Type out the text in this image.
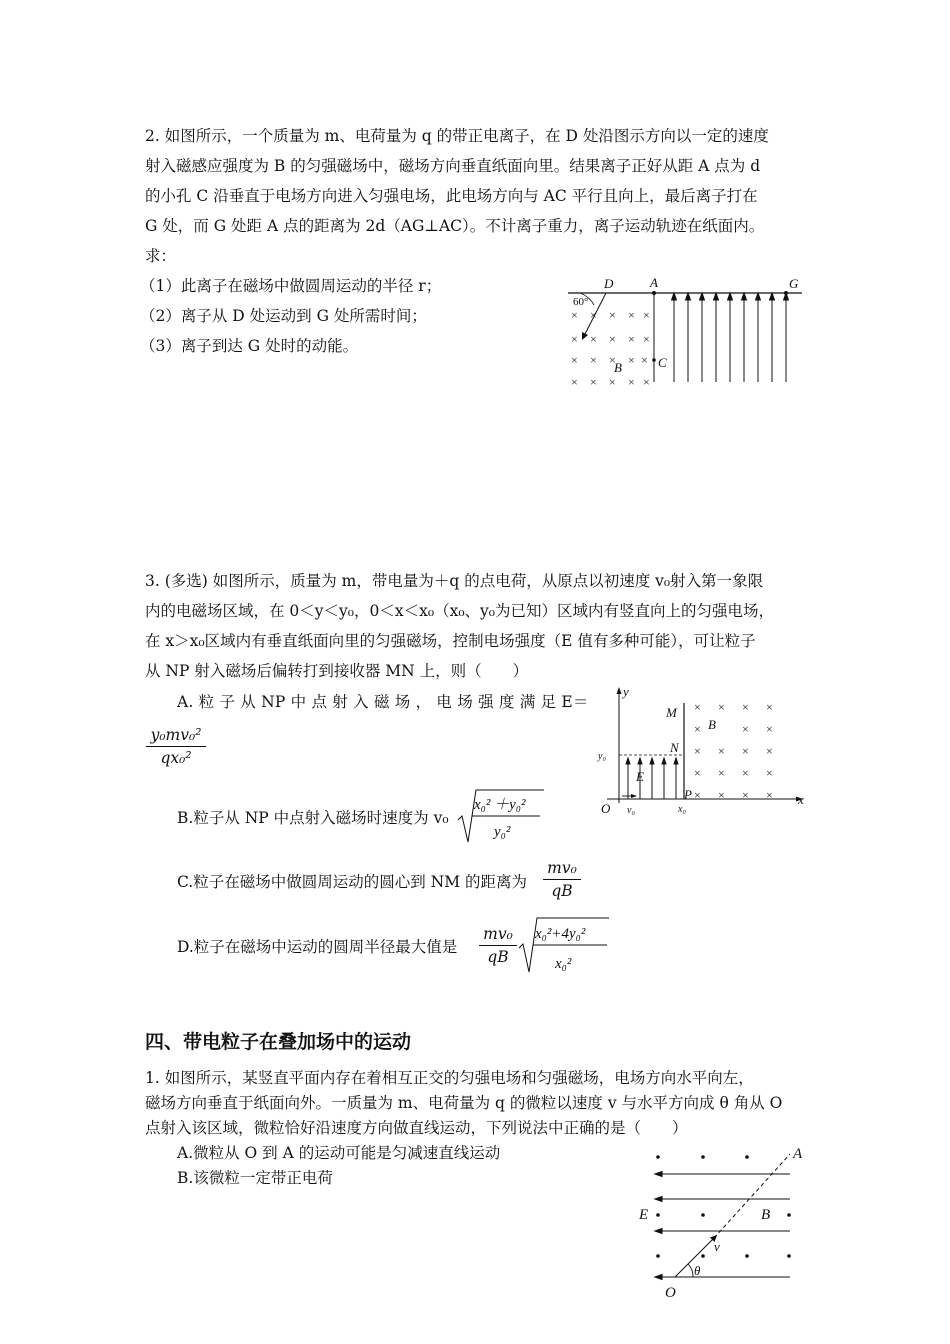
2. 如图所示，一个质量为 m、电荷量为 q 的带正电离子，在 D 处沿图示方向以一定的速度
射入磁感应强度为 B 的匀强磁场中，磁场方向垂直纸面向里。结果离子正好从距 A 点为 d
的小孔 C 沿垂直于电场方向进入匀强电场，此电场方向与 AC 平行且向上，最后离子打在
G 处，而 G 处距 A 点的距离为 2d（AG⊥AC）。不计离子重力，离子运动轨迹在纸面内。
求：
（1）此离子在磁场中做圆周运动的半径 r；
（2）离子从 D 处运动到 G 处所需时间；
（3）离子到达 G 处时的动能。
× × × × ×
× × × × ×
× × × × ×
× × × × ×
D	A	G
C
B
60°
3. (多选) 如图所示，质量为 m，带电量为＋q 的点电荷，从原点以初速度 v₀射入第一象限
内的电磁场区域，在 0＜y＜y₀，0＜x＜x₀（x₀、y₀为已知）区域内有竖直向上的匀强电场，
在 x＞x₀区域内有垂直纸面向里的匀强磁场，控制电场强度（E 值有多种可能），可让粒子
从 NP 射入磁场后偏转打到接收器 MN 上，则（　　）
A. 粒 子 从 NP 中 点 射 入 磁 场 ， 电 场 强 度 满 足 E＝
y₀mv₀²
qx₀²
B.粒子从 NP 中点射入磁场时速度为 v₀
x₀² ＋y₀²
y₀²
C.粒子在磁场中做圆周运动的圆心到 NM 的距离为
mv₀
qB
D.粒子在磁场中运动的圆周半径最大值是
mv₀
qB
x₀²+4y₀²
x₀²
× × × ×
×	× ×
× × × ×
× × × ×
× × ×
×
y
x
M
B
N
E
P
O
y₀
v₀	x₀
四、带电粒子在叠加场中的运动
1. 如图所示，某竖直平面内存在着相互正交的匀强电场和匀强磁场，电场方向水平向左，
磁场方向垂直于纸面向外。一质量为 m、电荷量为 q 的微粒以速度 v 与水平方向成 θ 角从 O
点射入该区域，微粒恰好沿速度方向做直线运动，下列说法中正确的是（　　）
A.微粒从 O 到 A 的运动可能是匀减速直线运动
B.该微粒一定带正电荷
A
E	B
O
v
θ
